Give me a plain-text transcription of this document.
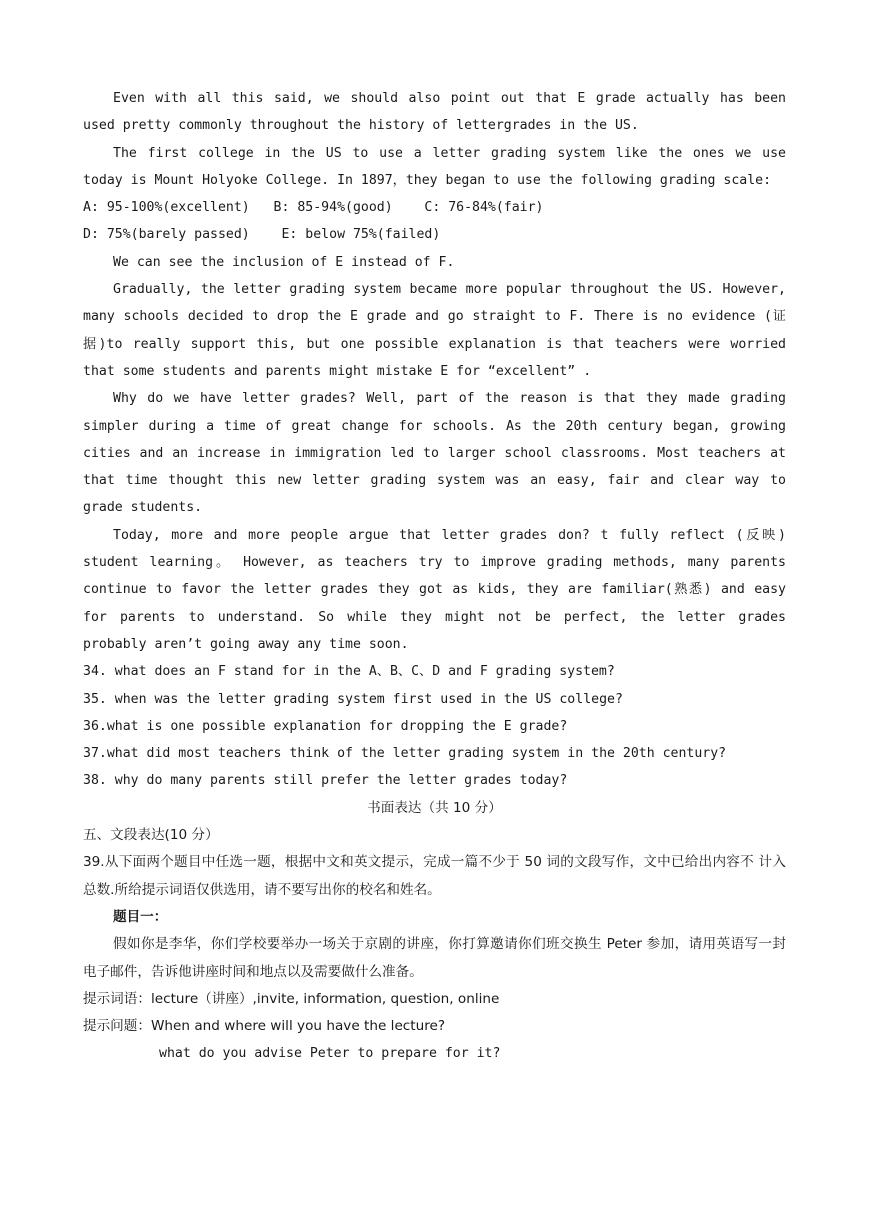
Even with all this said, we should also point out that E grade actually has been used pretty commonly throughout the history of lettergrades in the US.

The first college in the US to use a letter grading system like the ones we use today is Mount Holyoke College. In 1897，they began to use the following grading scale:

A: 95-100%(excellent)   B: 85-94%(good)    C: 76-84%(fair)

D: 75%(barely passed)    E: below 75%(failed)

We can see the inclusion of E instead of F.

Gradually, the letter grading system became more popular throughout the US. However, many schools decided to drop the E grade and go straight to F. There is no evidence (证据)to really support this, but one possible explanation is that teachers were worried that some students and parents might mistake E for “excellent” .

Why do we have letter grades? Well, part of the reason is that they made grading simpler during a time of great change for schools. As the 20th century began, growing cities and an increase in immigration led to larger school classrooms. Most teachers at that time thought this new letter grading system was an easy, fair and clear way to grade students.

Today, more and more people argue that letter grades don? t fully reflect (反映) student learning。 However, as teachers try to improve grading methods, many parents continue to favor the letter grades they got as kids, they are familiar(熟悉) and easy for parents to understand. So while they might not be perfect, the letter grades probably aren’t going away any time soon.

34. what does an F stand for in the A、B、C、D and F grading system?

35. when was the letter grading system first used in the US college?

36.what is one possible explanation for dropping the E grade?

37.what did most teachers think of the letter grading system in the 20th century?

38. why do many parents still prefer the letter grades today?

书面表达（共 10 分）

五、文段表达(10 分）

39.从下面两个题目中任选一题，根据中文和英文提示，完成一篇不少于 50 词的文段写作，文中已给出内容不 计入总数.所给提示词语仅供选用，请不要写出你的校名和姓名。

题目一：

假如你是李华，你们学校要举办一场关于京剧的讲座，你打算邀请你们班交换生 Peter 参加，请用英语写一封 电子邮件，告诉他讲座时间和地点以及需要做什么准备。

提示词语：lecture（讲座）,invite, information, question, online

提示问题：When and where will you have the lecture?

what do you advise Peter to prepare for it?
